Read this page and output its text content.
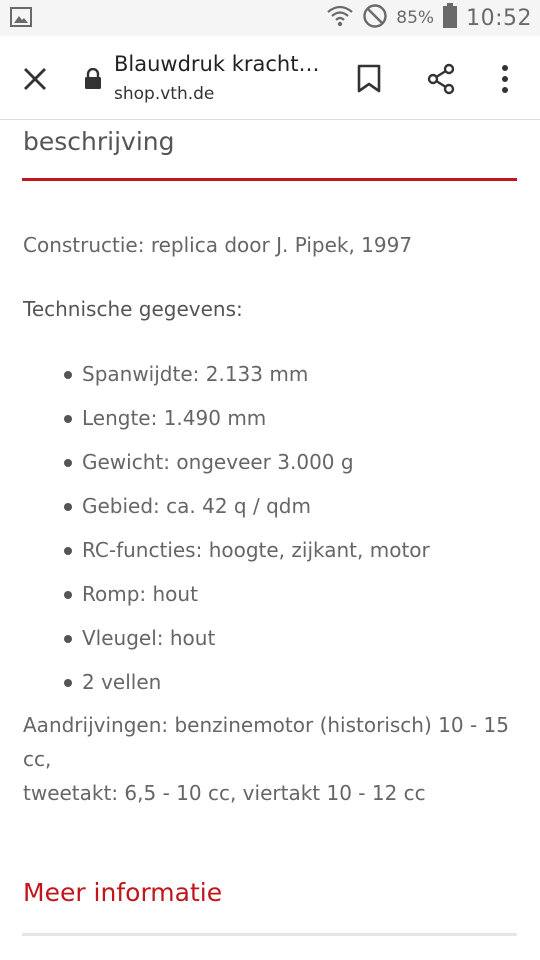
85% 10:52
Blauwdruk kracht…
shop.vth.de
beschrijving
Constructie: replica door J. Pipek, 1997
Technische gegevens:
Spanwijdte: 2.133 mm
Lengte: 1.490 mm
Gewicht: ongeveer 3.000 g
Gebied: ca. 42 q / qdm
RC-functies: hoogte, zijkant, motor
Romp: hout
Vleugel: hout
2 vellen
Aandrijvingen: benzinemotor (historisch) 10 - 15 cc,
tweetakt: 6,5 - 10 cc, viertakt 10 - 12 cc
Meer informatie
